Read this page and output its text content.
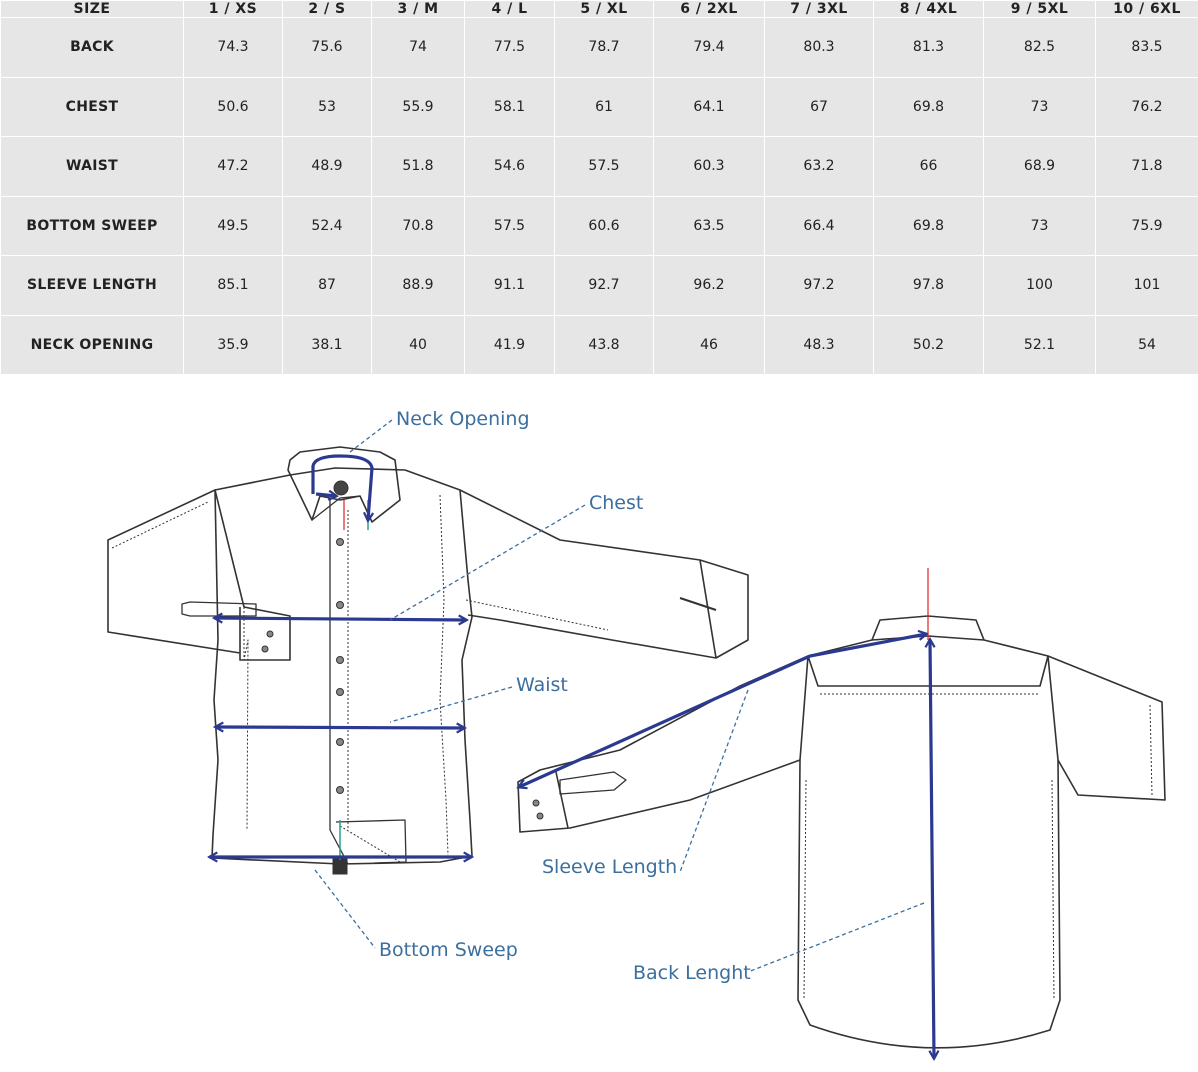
SIZE	1 / XS	2 / S	3 / M	4 / L	5 / XL	6 / 2XL	7 / 3XL	8 / 4XL	9 / 5XL	10 / 6XL
BACK	74.3	75.6	74	77.5	78.7	79.4	80.3	81.3	82.5	83.5
CHEST	50.6	53	55.9	58.1	61	64.1	67	69.8	73	76.2
WAIST	47.2	48.9	51.8	54.6	57.5	60.3	63.2	66	68.9	71.8
BOTTOM SWEEP	49.5	52.4	70.8	57.5	60.6	63.5	66.4	69.8	73	75.9
SLEEVE LENGTH	85.1	87	88.9	91.1	92.7	96.2	97.2	97.8	100	101
NECK OPENING	35.9	38.1	40	41.9	43.8	46	48.3	50.2	52.1	54
Neck Opening
Chest
Waist
Bottom Sweep
Sleeve Length
Back Lenght
